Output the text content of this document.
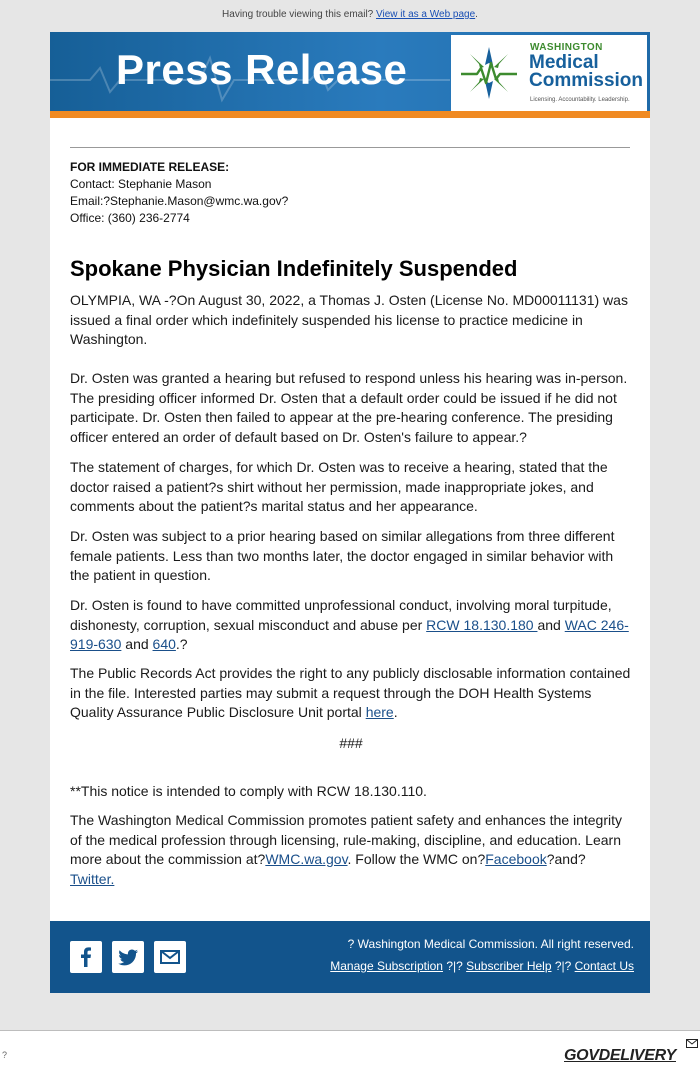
Having trouble viewing this email? View it as a Web page.
Press Release	WASHINGTON
Medical
Commission
Licensing. Accountability. Leadership.
FOR IMMEDIATE RELEASE:
Contact: Stephanie Mason
Email:?Stephanie.Mason@wmc.wa.gov?
Office: (360) 236-2774
Spokane Physician Indefinitely Suspended

OLYMPIA, WA -?On August 30, 2022, a Thomas J. Osten (License No. MD00011131) was issued a final order which indefinitely suspended his license to practice medicine in Washington.

Dr. Osten was granted a hearing but refused to respond unless his hearing was in-person. The presiding officer informed Dr. Osten that a default order could be issued if he did not participate. Dr. Osten then failed to appear at the pre-hearing conference. The presiding officer entered an order of default based on Dr. Osten's failure to appear.?

The statement of charges, for which Dr. Osten was to receive a hearing, stated that the doctor raised a patient?s shirt without her permission, made inappropriate jokes, and comments about the patient?s marital status and her appearance.

Dr. Osten was subject to a prior hearing based on similar allegations from three different female patients. Less than two months later, the doctor engaged in similar behavior with the patient in question.

Dr. Osten is found to have committed unprofessional conduct, involving moral turpitude, dishonesty, corruption, sexual misconduct and abuse per RCW 18.130.180 and WAC 246-919-630 and 640.?

The Public Records Act provides the right to any publicly disclosable information contained in the file. Interested parties may submit a request through the DOH Health Systems Quality Assurance Public Disclosure Unit portal here.

###

**This notice is intended to comply with RCW 18.130.110.

The Washington Medical Commission promotes patient safety and enhances the integrity of the medical profession through licensing, rule-making, discipline, and education. Learn more about the commission at?WMC.wa.gov. Follow the WMC on?Facebook?and?
Twitter.

? Washington Medical Commission. All right reserved.
Manage Subscription ?|? Subscriber Help ?|? Contact Us
?	GOVDELIVERY
